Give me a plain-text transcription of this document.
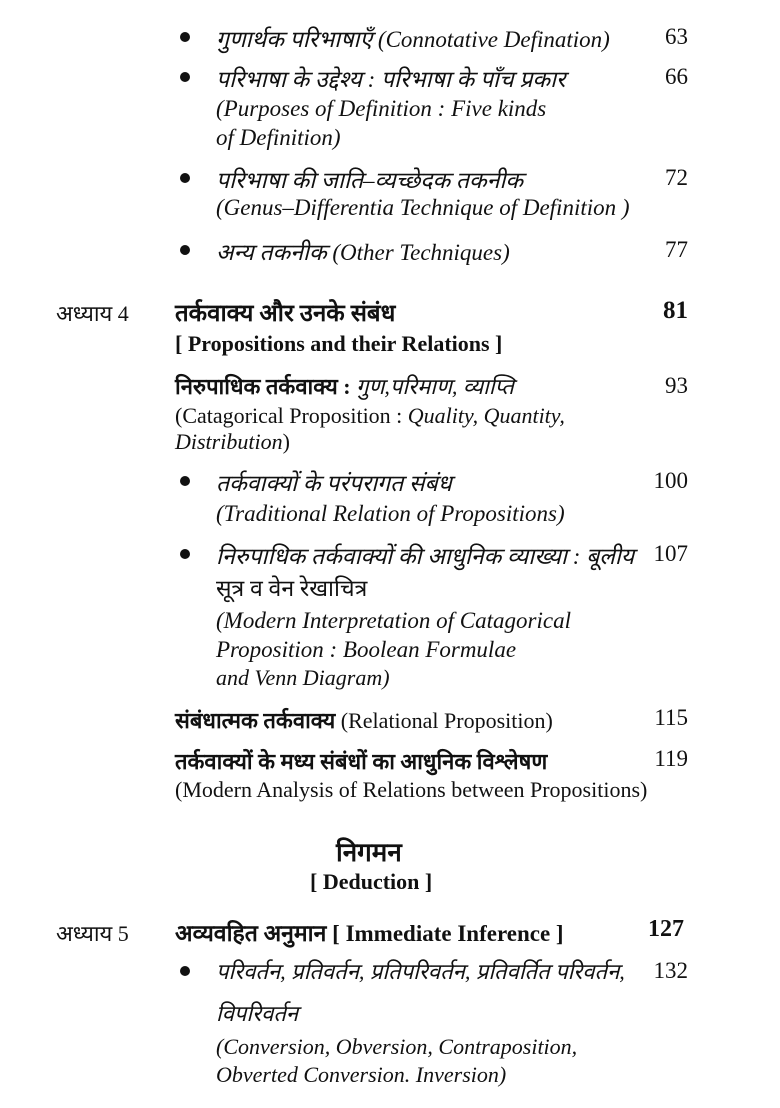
गुणार्थक परिभाषाएँ (Connotative Defination)	63
परिभाषा के उद्देश्य : परिभाषा के पाँच प्रकार	66
(Purposes of Definition : Five kinds
of Definition)
परिभाषा की जाति–व्यच्छेदक तकनीक	72
(Genus–Differentia Technique of Definition )
अन्य तकनीक (Other Techniques)	77
अध्याय 4 तर्कवाक्य और उनके संबंध	81
[ Propositions and their Relations ]
निरुपाधिक तर्कवाक्य : गुण,परिमाण, व्याप्ति	93
(Catagorical Proposition : Quality, Quantity,
Distribution)
तर्कवाक्यों के परंपरागत संबंध	100
(Traditional Relation of Propositions)
निरुपाधिक तर्कवाक्यों की आधुनिक व्याख्या : बूलीय 107
सूत्र व वेन रेखाचित्र
(Modern Interpretation of Catagorical
Proposition : Boolean Formulae
and Venn Diagram)
संबंधात्मक तर्कवाक्य (Relational Proposition)	115
तर्कवाक्यों के मध्य संबंधों का आधुनिक विश्लेषण	119
(Modern Analysis of Relations between Propositions)
निगमन
[ Deduction ]
अध्याय 5 अव्यवहित अनुमान [ Immediate Inference ]	127
परिवर्तन, प्रतिवर्तन, प्रतिपरिवर्तन, प्रतिवर्तित परिवर्तन,	132
विपरिवर्तन
(Conversion, Obversion, Contraposition,
Obverted Conversion. Inversion)
